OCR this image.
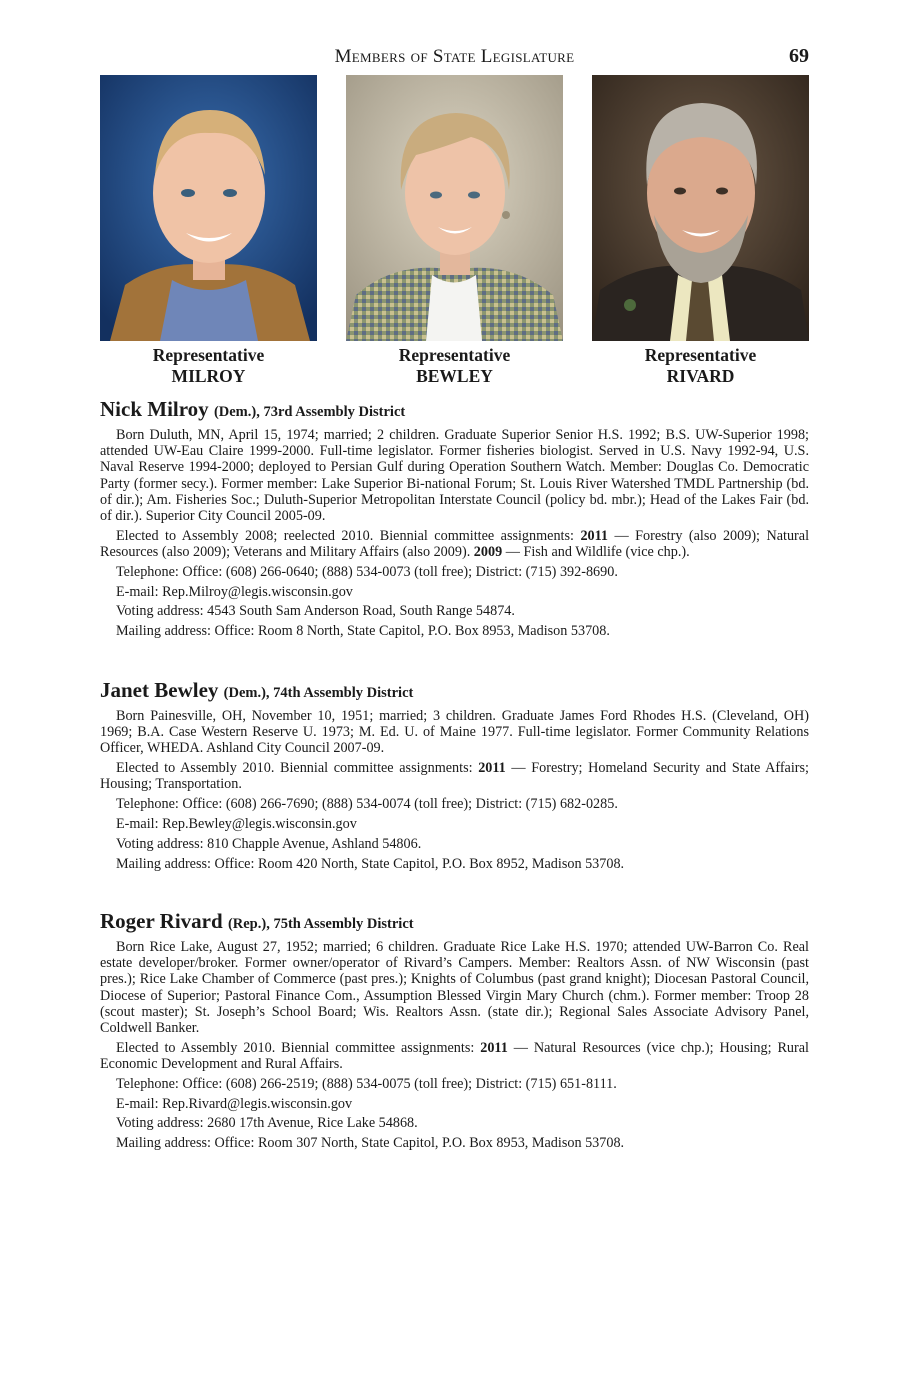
Members of State Legislature	69
Representative
MILROY
Representative
BEWLEY
Representative
RIVARD
Nick Milroy (Dem.), 73rd Assembly District

Born Duluth, MN, April 15, 1974; married; 2 children. Graduate Superior Senior H.S. 1992; B.S. UW-Superior 1998; attended UW-Eau Claire 1999-2000. Full-time legislator. Former fisheries biologist. Served in U.S. Navy 1992-94, U.S. Naval Reserve 1994-2000; deployed to Persian Gulf during Operation Southern Watch. Member: Douglas Co. Democratic Party (former secy.). Former member: Lake Superior Bi-national Forum; St. Louis River Watershed TMDL Partnership (bd. of dir.); Am. Fisheries Soc.; Duluth-Superior Metropolitan Interstate Council (policy bd. mbr.); Head of the Lakes Fair (bd. of dir.). Superior City Council 2005-09.

Elected to Assembly 2008; reelected 2010. Biennial committee assignments: 2011 — Forestry (also 2009); Natural Resources (also 2009); Veterans and Military Affairs (also 2009). 2009 — Fish and Wildlife (vice chp.).

Telephone: Office: (608) 266-0640; (888) 534-0073 (toll free); District: (715) 392-8690.

E-mail: Rep.Milroy@legis.wisconsin.gov

Voting address: 4543 South Sam Anderson Road, South Range 54874.

Mailing address: Office: Room 8 North, State Capitol, P.O. Box 8953, Madison 53708.

Janet Bewley (Dem.), 74th Assembly District

Born Painesville, OH, November 10, 1951; married; 3 children. Graduate James Ford Rhodes H.S. (Cleveland, OH) 1969; B.A. Case Western Reserve U. 1973; M. Ed. U. of Maine 1977. Full-time legislator. Former Community Relations Officer, WHEDA. Ashland City Council 2007-09.

Elected to Assembly 2010. Biennial committee assignments: 2011 — Forestry; Homeland Security and State Affairs; Housing; Transportation.

Telephone: Office: (608) 266-7690; (888) 534-0074 (toll free); District: (715) 682-0285.

E-mail: Rep.Bewley@legis.wisconsin.gov

Voting address: 810 Chapple Avenue, Ashland 54806.

Mailing address: Office: Room 420 North, State Capitol, P.O. Box 8952, Madison 53708.

Roger Rivard (Rep.), 75th Assembly District

Born Rice Lake, August 27, 1952; married; 6 children. Graduate Rice Lake H.S. 1970; attended UW-Barron Co. Real estate developer/broker. Former owner/operator of Rivard’s Campers. Member: Realtors Assn. of NW Wisconsin (past pres.); Rice Lake Chamber of Commerce (past pres.); Knights of Columbus (past grand knight); Diocesan Pastoral Council, Diocese of Superior; Pastoral Finance Com., Assumption Blessed Virgin Mary Church (chm.). Former member: Troop 28 (scout master); St. Joseph’s School Board; Wis. Realtors Assn. (state dir.); Regional Sales Associate Advisory Panel, Coldwell Banker.

Elected to Assembly 2010. Biennial committee assignments: 2011 — Natural Resources (vice chp.); Housing; Rural Economic Development and Rural Affairs.

Telephone: Office: (608) 266-2519; (888) 534-0075 (toll free); District: (715) 651-8111.

E-mail: Rep.Rivard@legis.wisconsin.gov

Voting address: 2680 17th Avenue, Rice Lake 54868.

Mailing address: Office: Room 307 North, State Capitol, P.O. Box 8953, Madison 53708.
